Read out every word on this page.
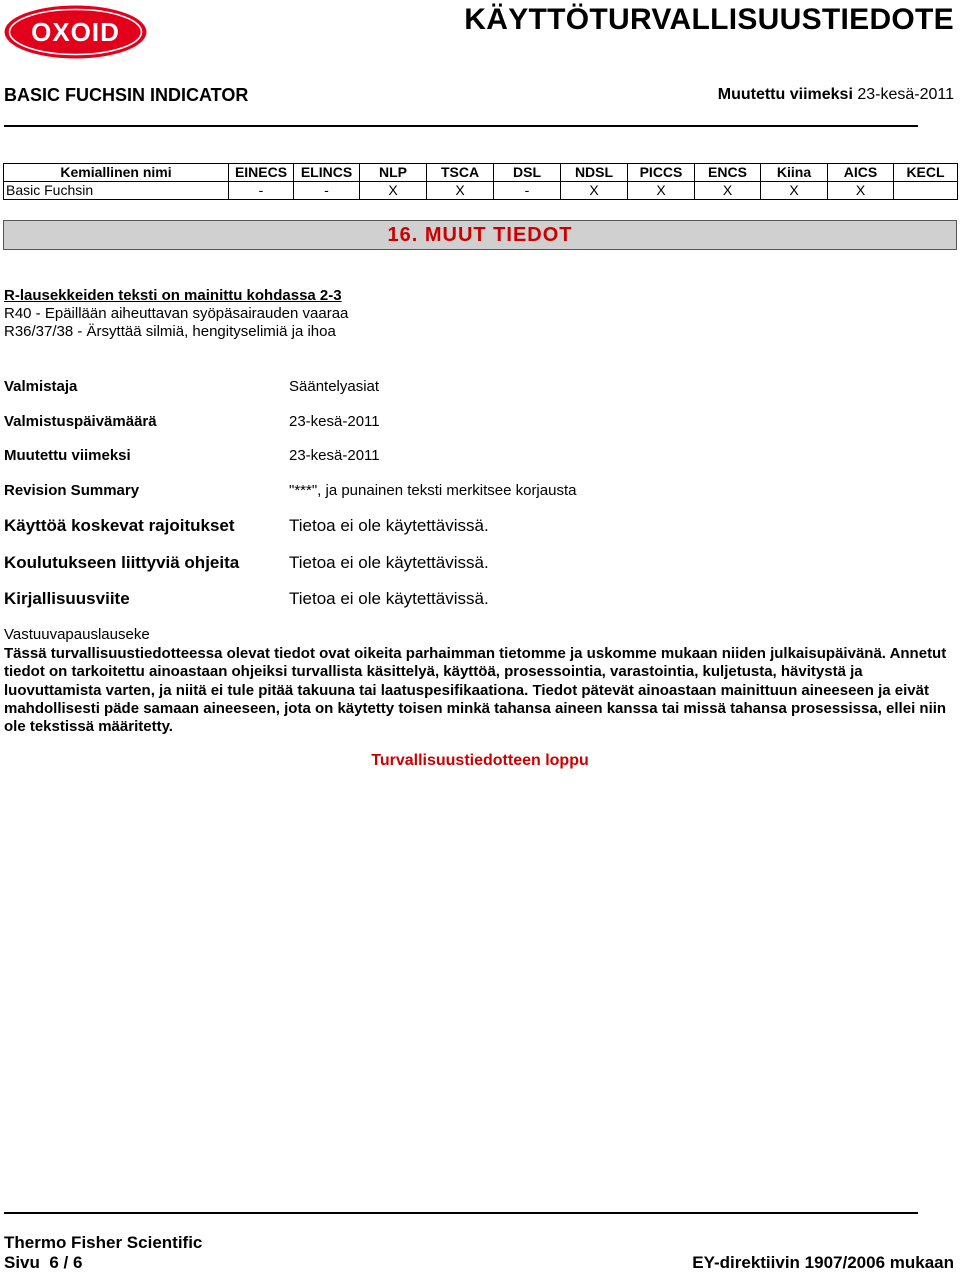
OXOID	KÄYTTÖTURVALLISUUSTIEDOTE
BASIC FUCHSIN INDICATOR	Muutettu viimeksi 23-kesä-2011
Kemiallinen nimi	EINECS	ELINCS	NLP	TSCA	DSL	NDSL	PICCS	ENCS	Kiina	AICS	KECL
Basic Fuchsin	-	-	X	X	-	X	X	X	X	X	
16. MUUT TIEDOT
R-lausekkeiden teksti on mainittu kohdassa 2-3
R40 - Epäillään aiheuttavan syöpäsairauden vaaraa
R36/37/38 - Ärsyttää silmiä, hengityselimiä ja ihoa
Valmistaja	Sääntelyasiat
Valmistuspäivämäärä	23-kesä-2011
Muutettu viimeksi	23-kesä-2011
Revision Summary	"***", ja punainen teksti merkitsee korjausta
Käyttöä koskevat rajoitukset	Tietoa ei ole käytettävissä.
Koulutukseen liittyviä ohjeita	Tietoa ei ole käytettävissä.
Kirjallisuusviite	Tietoa ei ole käytettävissä.
Vastuuvapauslauseke
Tässä turvallisuustiedotteessa olevat tiedot ovat oikeita parhaimman tietomme ja uskomme mukaan niiden julkaisupäivänä. Annetut tiedot on tarkoitettu ainoastaan ohjeiksi turvallista käsittelyä, käyttöä, prosessointia, varastointia, kuljetusta, hävitystä ja luovuttamista varten, ja niitä ei tule pitää takuuna tai laatuspesifikaationa. Tiedot pätevät ainoastaan mainittuun aineeseen ja eivät mahdollisesti päde samaan aineeseen, jota on käytetty toisen minkä tahansa aineen kanssa tai missä tahansa prosessissa, ellei niin ole tekstissä määritetty.
Turvallisuustiedotteen loppu
Thermo Fisher Scientific
Sivu 6 / 6	EY-direktiivin 1907/2006 mukaan
